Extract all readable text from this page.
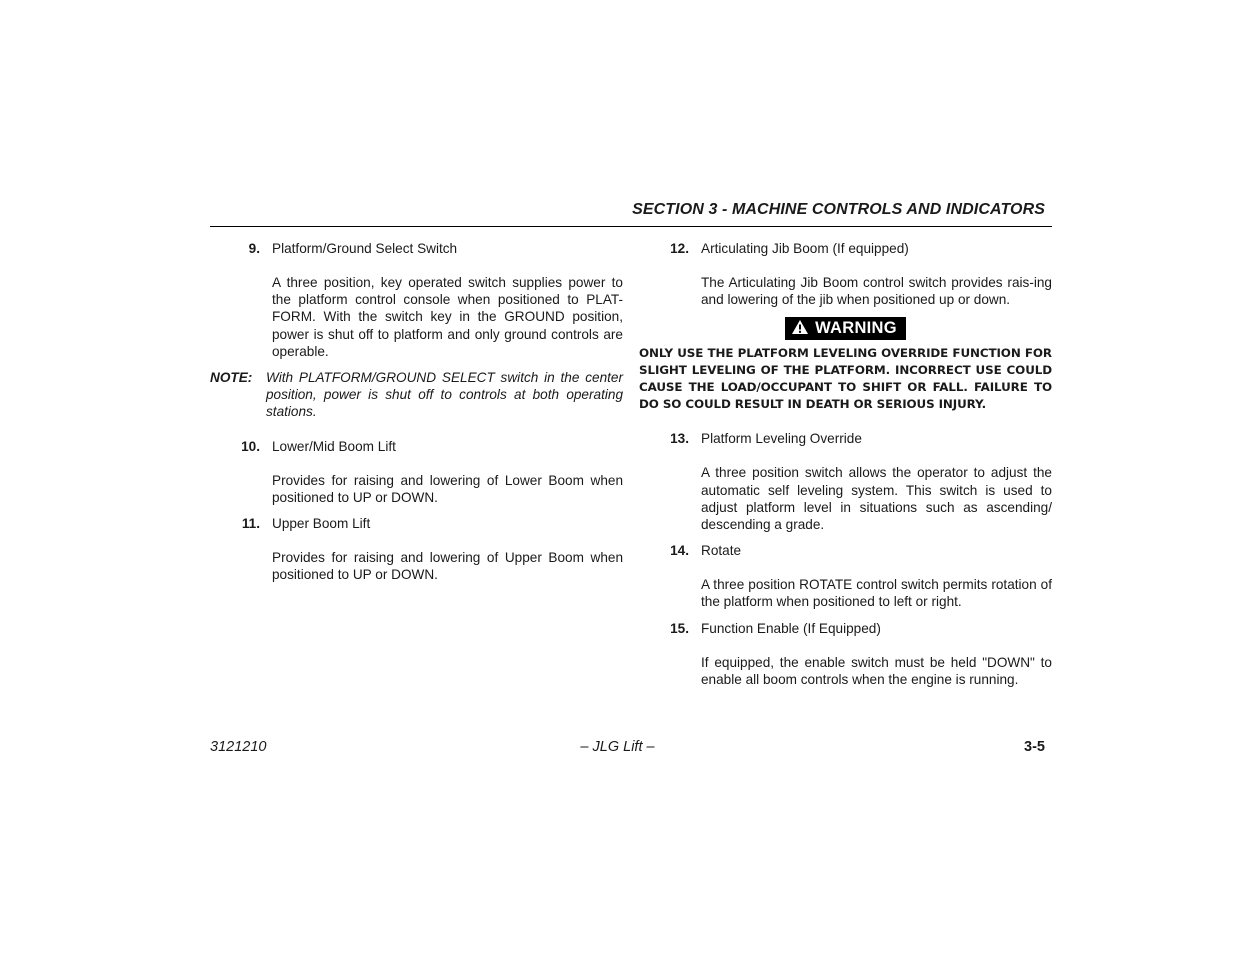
SECTION 3 - MACHINE CONTROLS AND INDICATORS
9. Platform/Ground Select Switch
A three position, key operated switch supplies power to the platform control console when positioned to PLAT-FORM. With the switch key in the GROUND position, power is shut off to platform and only ground controls are operable.
NOTE: With PLATFORM/GROUND SELECT switch in the center position, power is shut off to controls at both operating stations.
10. Lower/Mid Boom Lift
Provides for raising and lowering of Lower Boom when positioned to UP or DOWN.
11. Upper Boom Lift
Provides for raising and lowering of Upper Boom when positioned to UP or DOWN.
12. Articulating Jib Boom (If equipped)
The Articulating Jib Boom control switch provides rais-ing and lowering of the jib when positioned up or down.
WARNING
ONLY USE THE PLATFORM LEVELING OVERRIDE FUNCTION FOR SLIGHT LEVELING OF THE PLATFORM. INCORRECT USE COULD CAUSE THE LOAD/OCCUPANT TO SHIFT OR FALL. FAILURE TO DO SO COULD RESULT IN DEATH OR SERIOUS INJURY.
13. Platform Leveling Override
A three position switch allows the operator to adjust the automatic self leveling system. This switch is used to adjust platform level in situations such as ascending/ descending a grade.
14. Rotate
A three position ROTATE control switch permits rotation of the platform when positioned to left or right.
15. Function Enable (If Equipped)
If equipped, the enable switch must be held "DOWN" to enable all boom controls when the engine is running.
3121210	– JLG Lift –	3-5
